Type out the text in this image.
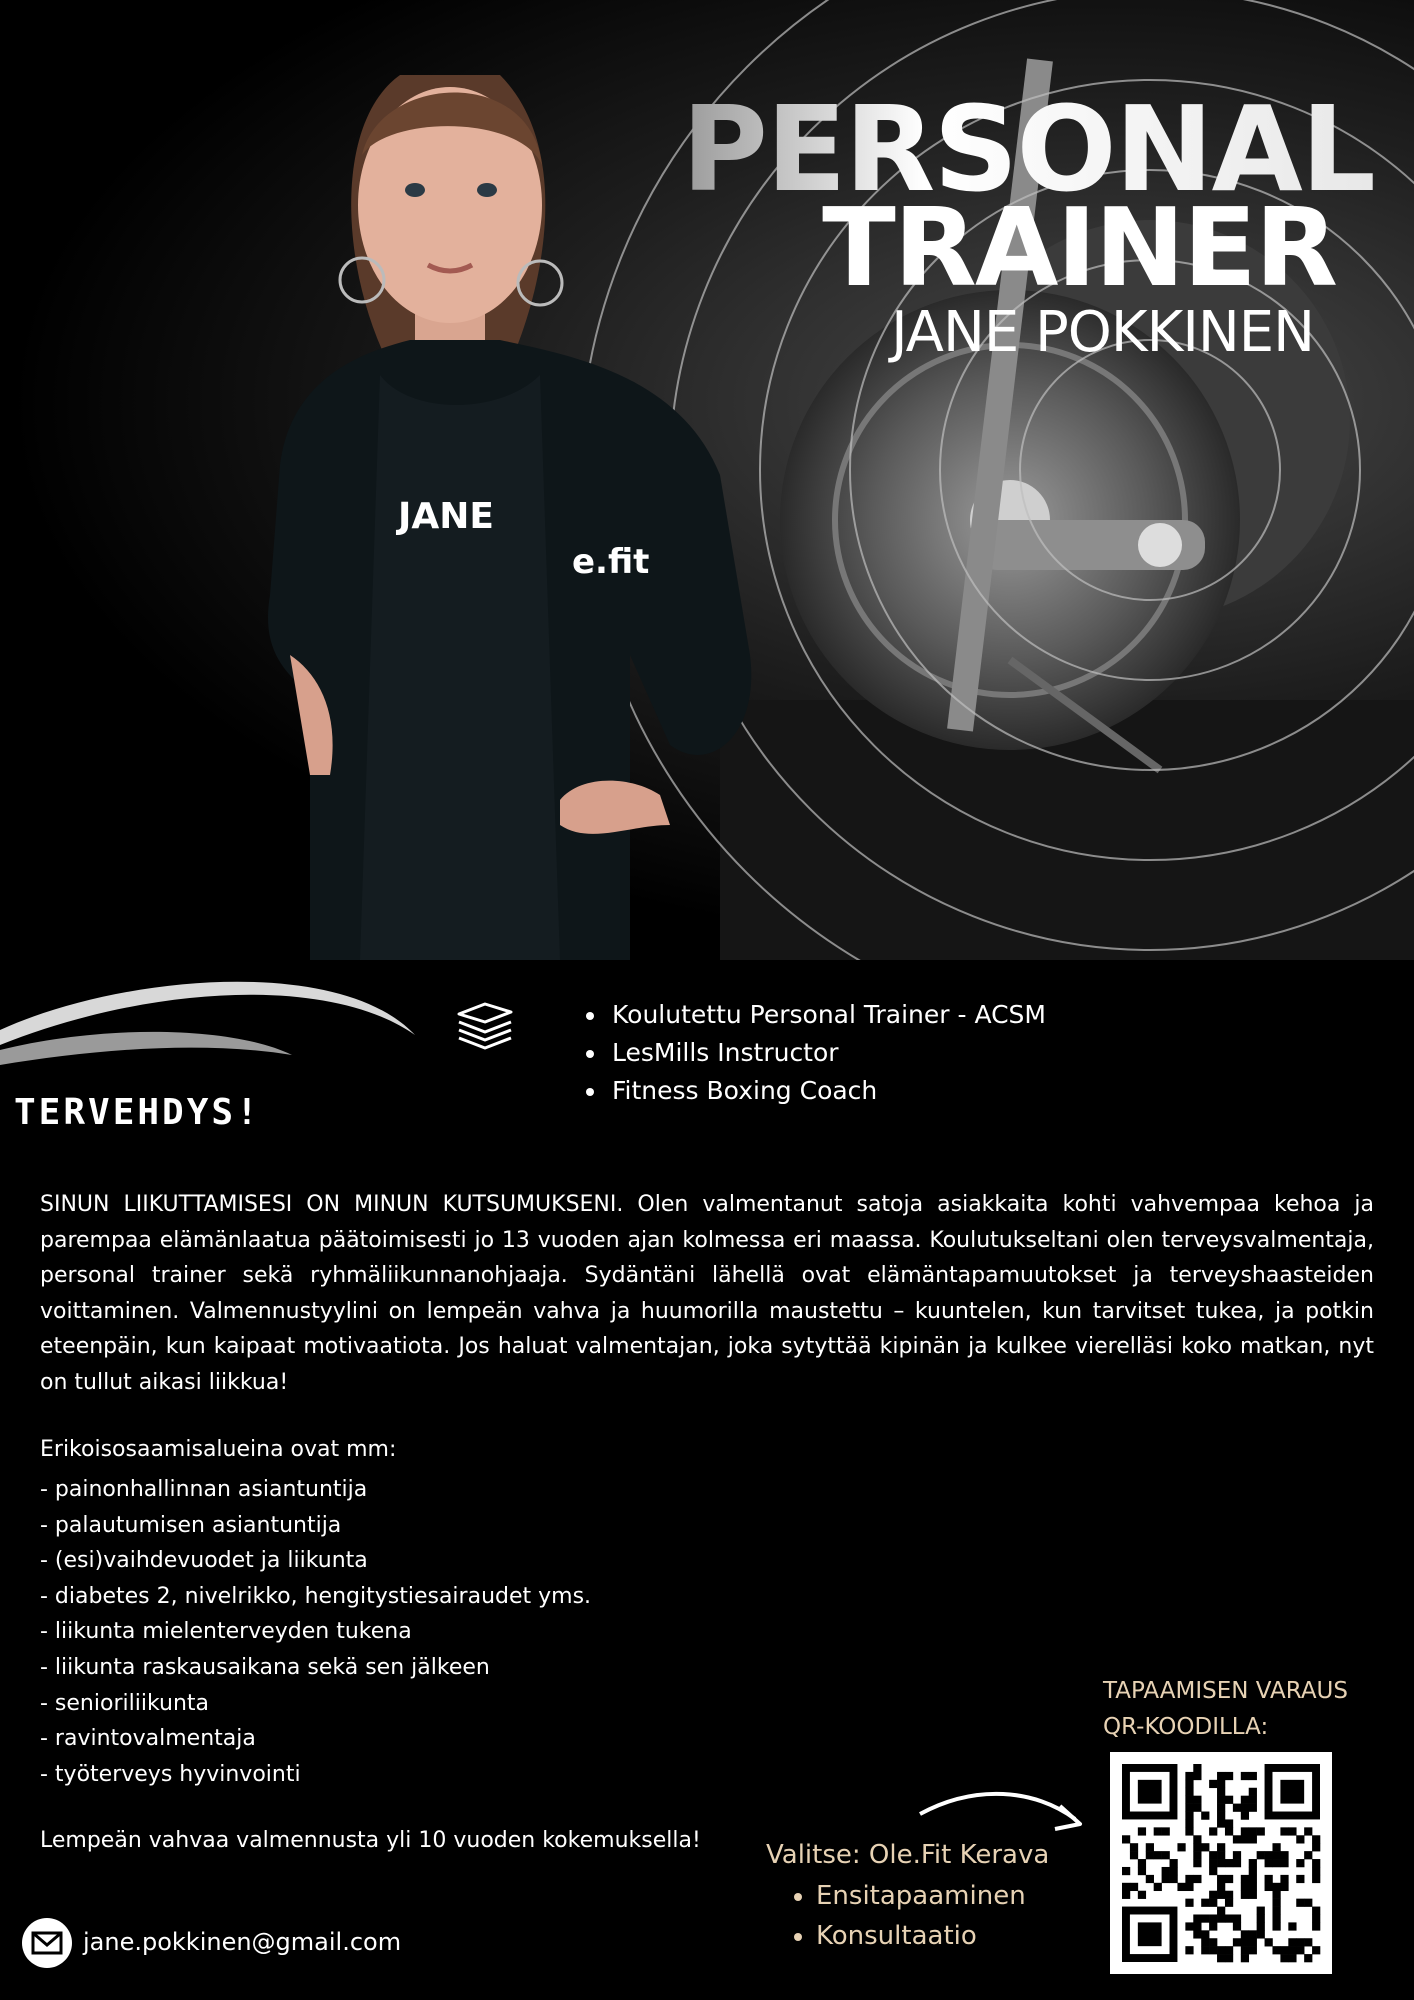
JANE
e.fit
PERSONAL
TRAINER
JANE POKKINEN
• Koulutettu Personal Trainer - ACSM
• LesMills Instructor
• Fitness Boxing Coach
TERVEHDYS!

SINUN LIIKUTTAMISESI ON MINUN KUTSUMUKSENI. Olen valmentanut satoja asiakkaita kohti vahvempaa kehoa ja parempaa elämänlaatua päätoimisesti jo 13 vuoden ajan kolmessa eri maassa. Koulutukseltani olen terveysvalmentaja, personal trainer sekä ryhmäliikunnanohjaaja. Sydäntäni lähellä ovat elämäntapamuutokset ja terveyshaasteiden voittaminen. Valmennustyylini on lempeän vahva ja huumorilla maustettu – kuuntelen, kun tarvitset tukea, ja potkin eteenpäin, kun kaipaat motivaatiota. Jos haluat valmentajan, joka sytyttää kipinän ja kulkee vierelläsi koko matkan, nyt on tullut aikasi liikkua!

Erikoisosaamisalueina ovat mm:
- painonhallinnan asiantuntija
- palautumisen asiantuntija
- (esi)vaihdevuodet ja liikunta
- diabetes 2, nivelrikko, hengitystiesairaudet yms.
- liikunta mielenterveyden tukena
- liikunta raskausaikana sekä sen jälkeen
- senioriliikunta
- ravintovalmentaja
- työterveys hyvinvointi
Lempeän vahvaa valmennusta yli 10 vuoden kokemuksella!
jane.pokkinen@gmail.com
TAPAAMISEN VARAUS
QR-KOODILLA:
Valitse: Ole.Fit Kerava
• Ensitapaaminen
• Konsultaatio
